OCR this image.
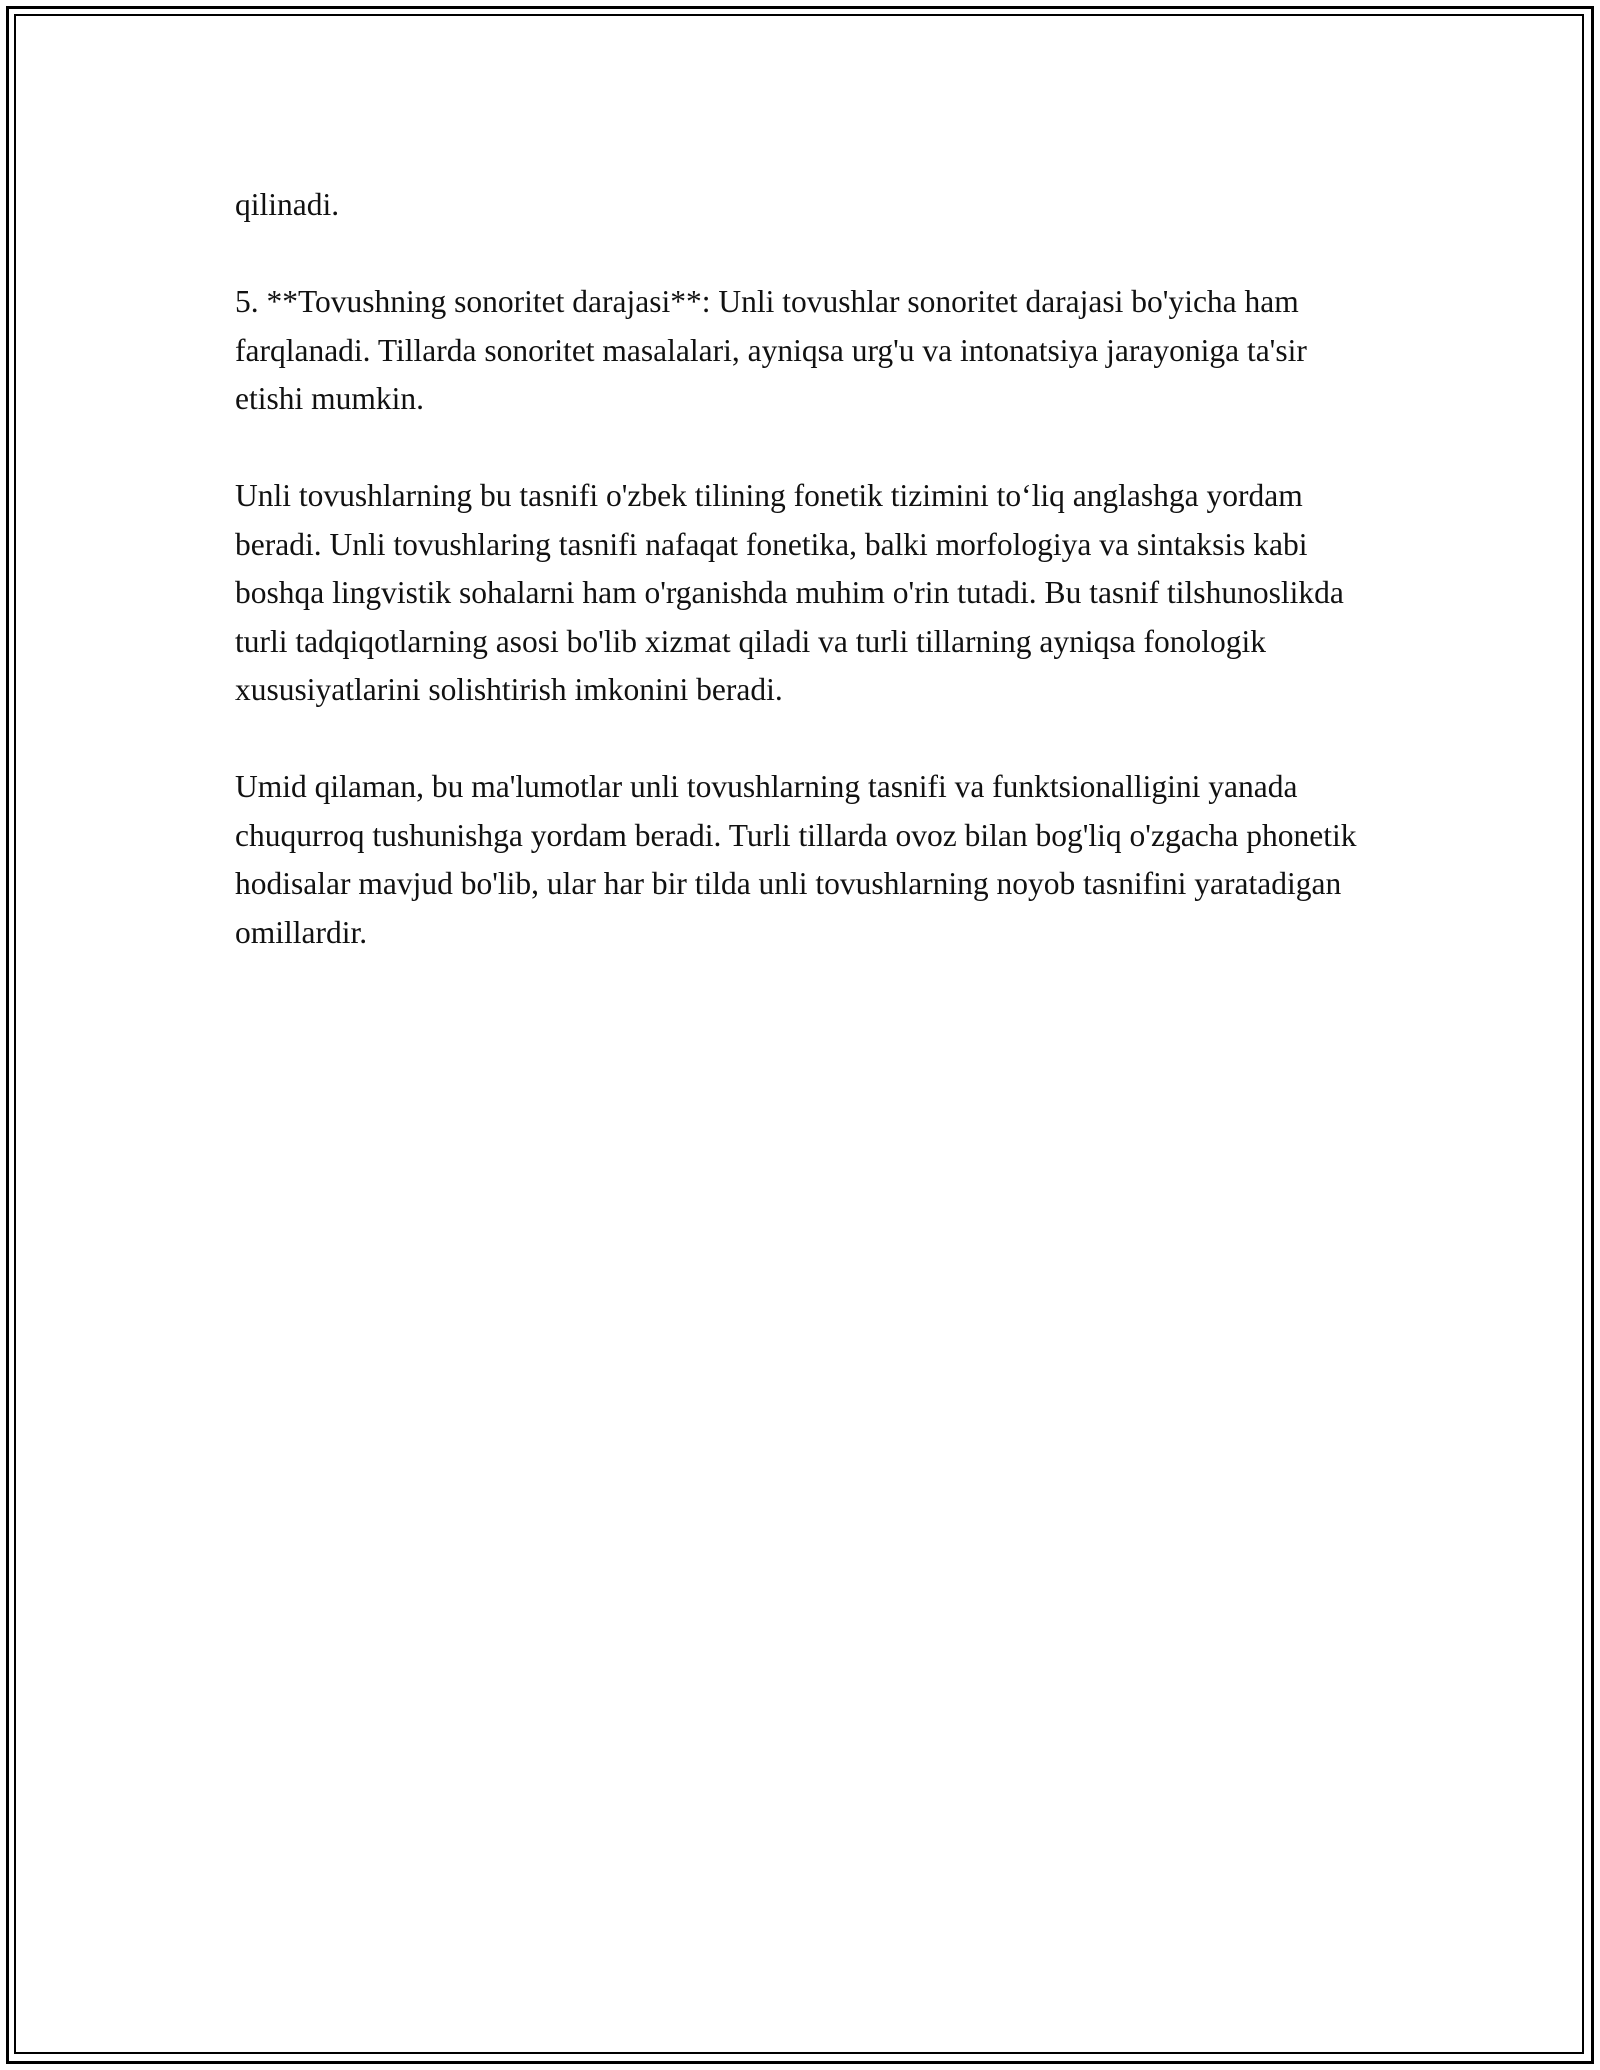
qilinadi.

5. **Tovushning sonoritet darajasi**: Unli tovushlar sonoritet darajasi bo'yicha ham farqlanadi. Tillarda sonoritet masalalari, ayniqsa urg'u va intonatsiya jarayoniga ta'sir etishi mumkin.

Unli tovushlarning bu tasnifi o'zbek tilining fonetik tizimini to‘liq anglashga yordam beradi. Unli tovushlaring tasnifi nafaqat fonetika, balki morfologiya va sintaksis kabi boshqa lingvistik sohalarni ham o'rganishda muhim o'rin tutadi. Bu tasnif tilshunoslikda turli tadqiqotlarning asosi bo'lib xizmat qiladi va turli tillarning ayniqsa fonologik xususiyatlarini solishtirish imkonini beradi.

Umid qilaman, bu ma'lumotlar unli tovushlarning tasnifi va funktsionalligini yanada chuqurroq tushunishga yordam beradi. Turli tillarda ovoz bilan bog'liq o'zgacha phonetik hodisalar mavjud bo'lib, ular har bir tilda unli tovushlarning noyob tasnifini yaratadigan omillardir.
